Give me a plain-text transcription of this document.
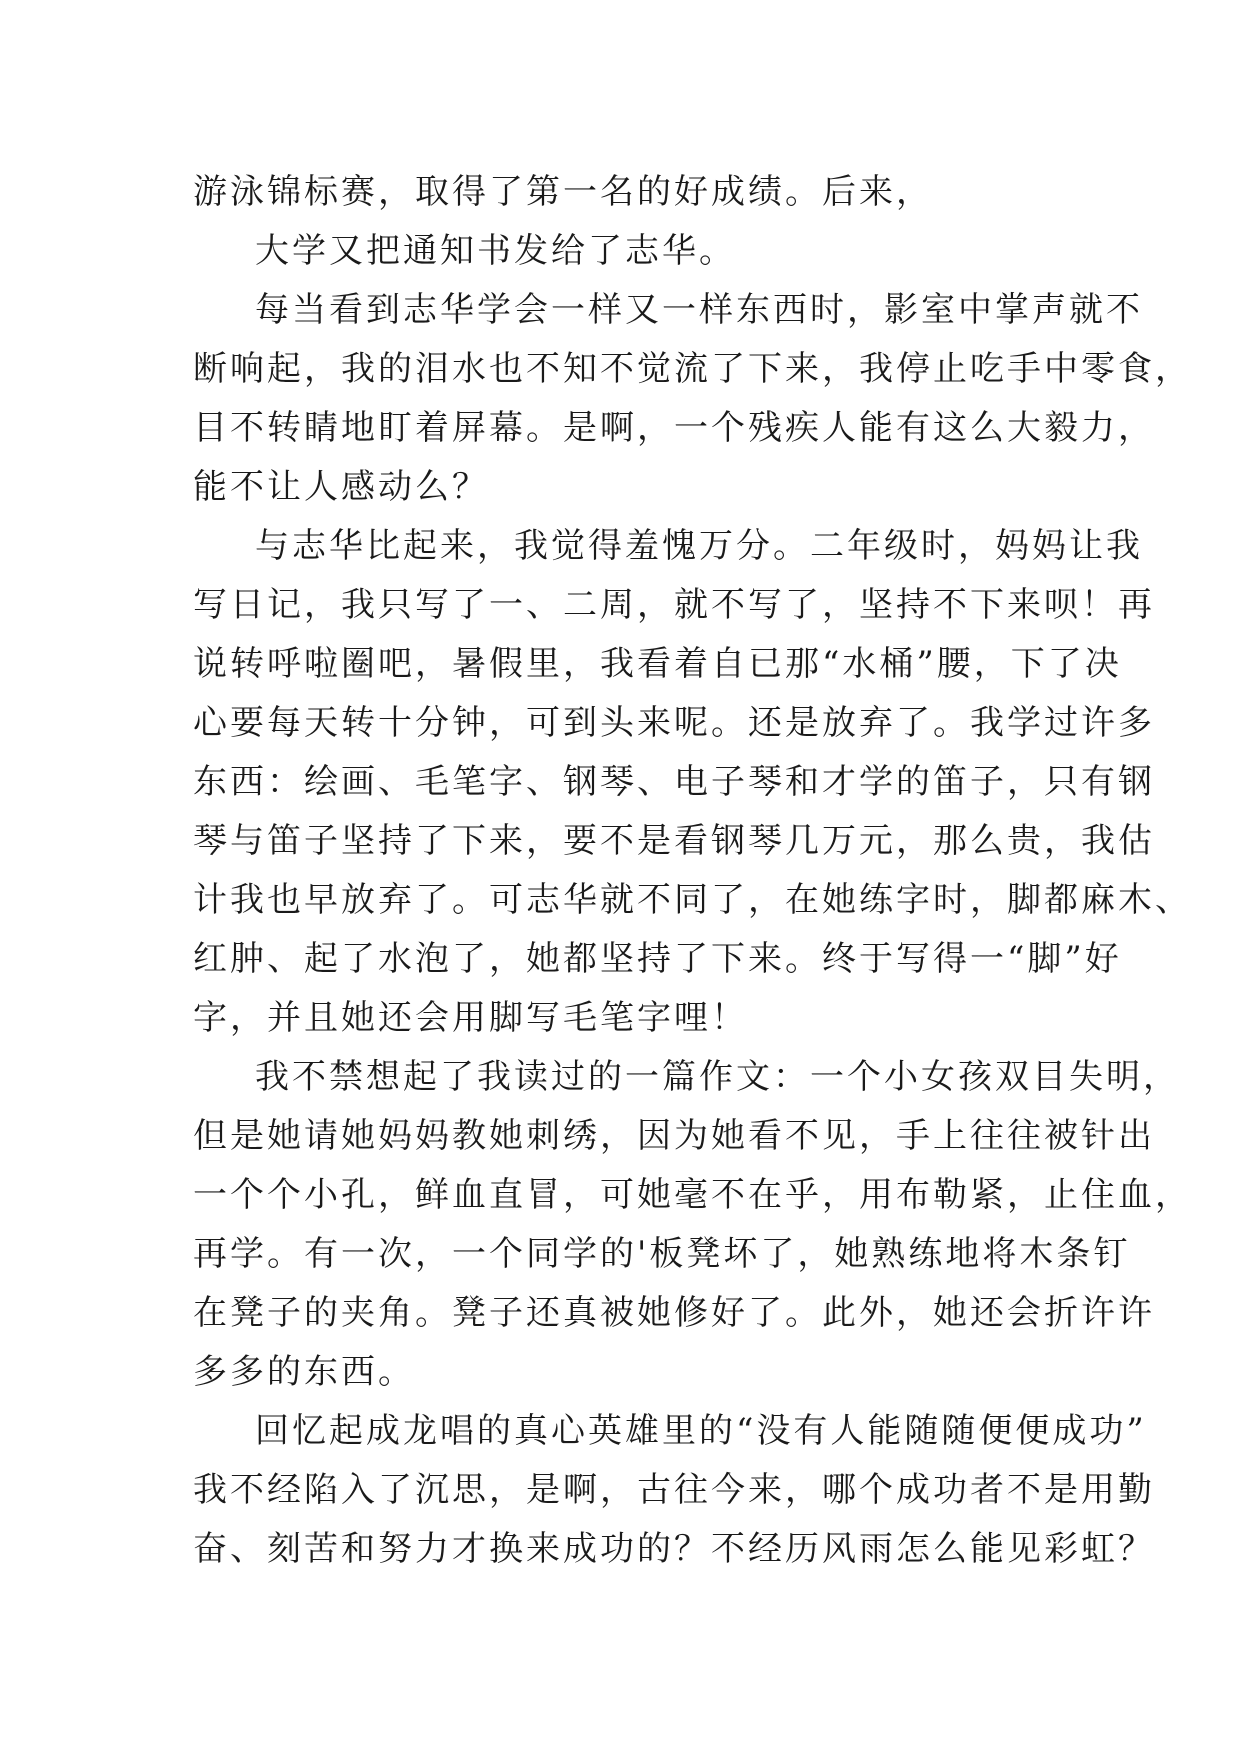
游泳锦标赛，取得了第一名的好成绩。后来，
大学又把通知书发给了志华。
每当看到志华学会一样又一样东西时，影室中掌声就不
断响起，我的泪水也不知不觉流了下来，我停止吃手中零食，
目不转睛地盯着屏幕。是啊，一个残疾人能有这么大毅力，
能不让人感动么？
与志华比起来，我觉得羞愧万分。二年级时，妈妈让我
写日记，我只写了一、二周，就不写了，坚持不下来呗！再
说转呼啦圈吧，暑假里，我看着自已那“水桶”腰，下了决
心要每天转十分钟，可到头来呢。还是放弃了。我学过许多
东西：绘画、毛笔字、钢琴、电子琴和才学的笛子，只有钢
琴与笛子坚持了下来，要不是看钢琴几万元，那么贵，我估
计我也早放弃了。可志华就不同了，在她练字时，脚都麻木、
红肿、起了水泡了，她都坚持了下来。终于写得一“脚”好
字，并且她还会用脚写毛笔字哩！
我不禁想起了我读过的一篇作文：一个小女孩双目失明，
但是她请她妈妈教她刺绣，因为她看不见，手上往往被针出
一个个小孔，鲜血直冒，可她毫不在乎，用布勒紧，止住血，
再学。有一次，一个同学的'板凳坏了，她熟练地将木条钉
在凳子的夹角。凳子还真被她修好了。此外，她还会折许许
多多的东西。
回忆起成龙唱的真心英雄里的“没有人能随随便便成功”
我不经陷入了沉思，是啊，古往今来，哪个成功者不是用勤
奋、刻苦和努力才换来成功的？不经历风雨怎么能见彩虹？
